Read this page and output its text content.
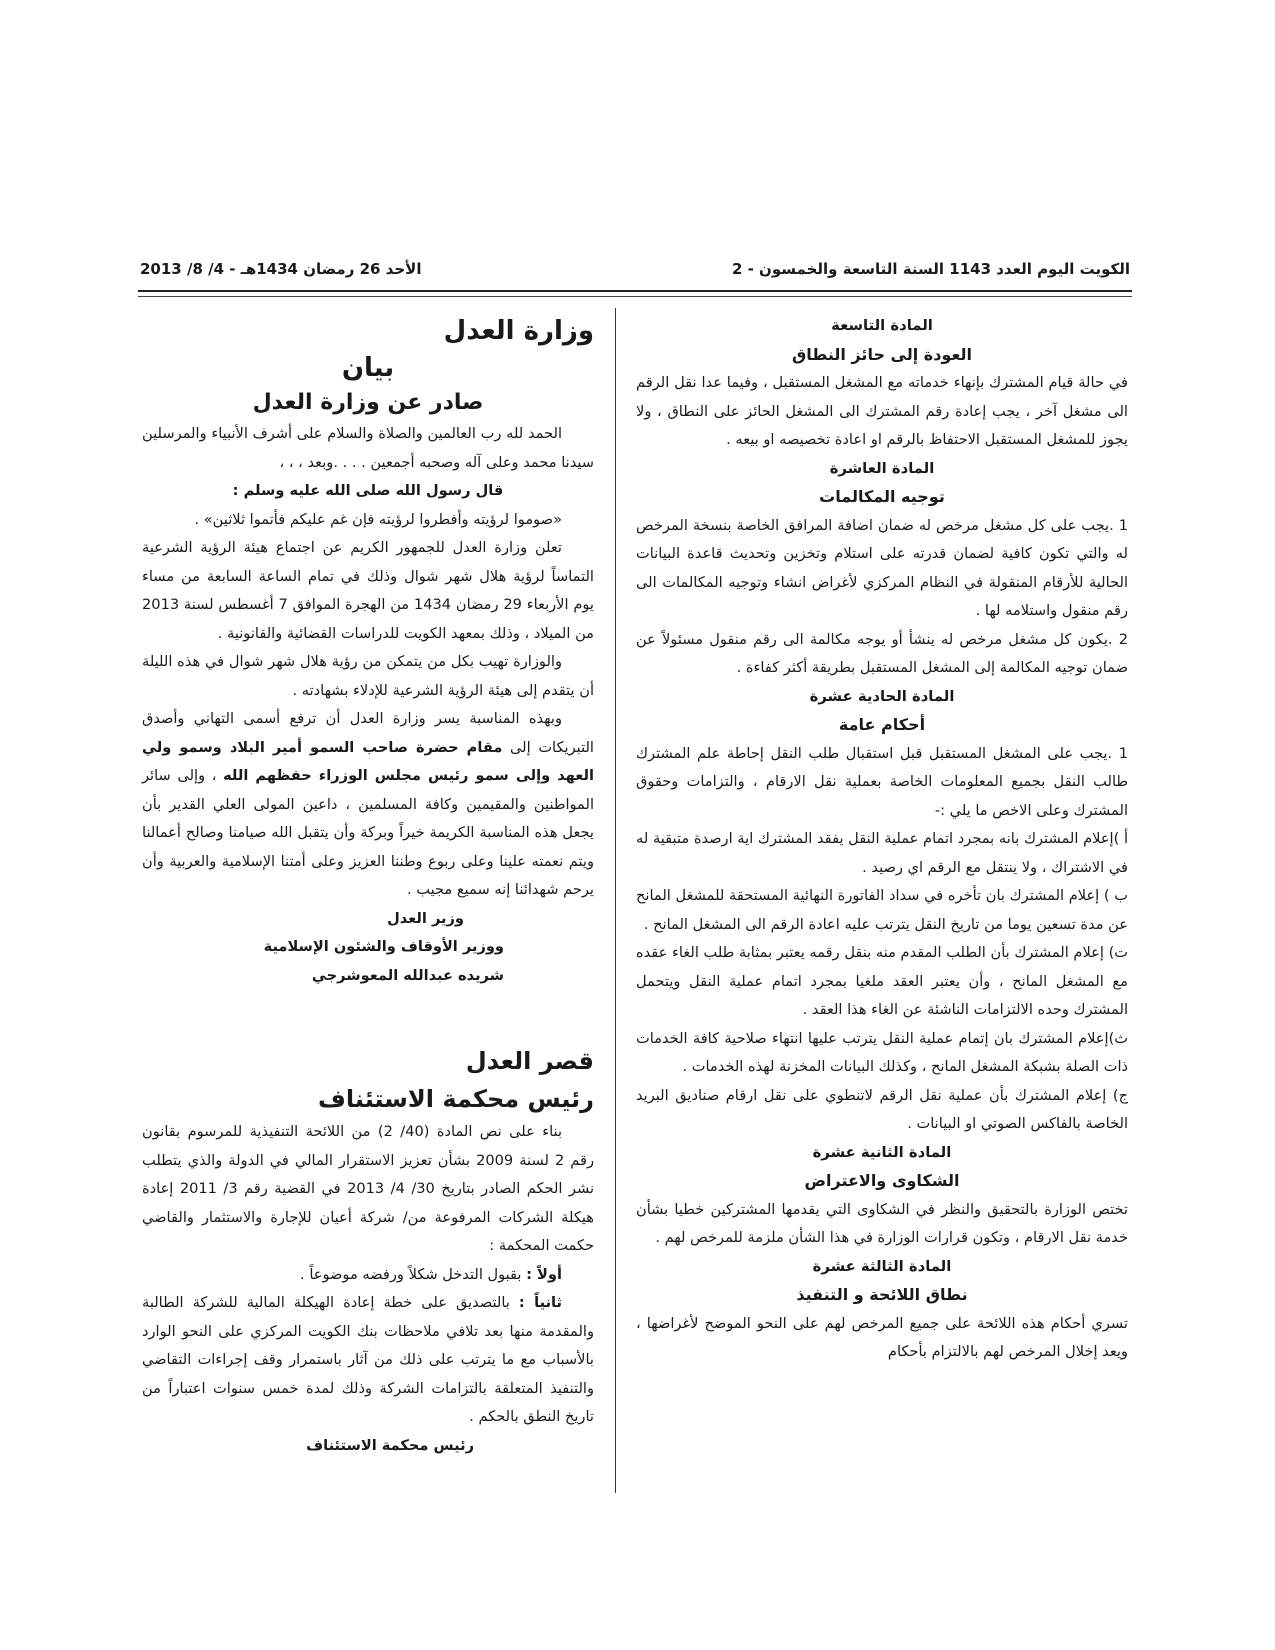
الكويت اليوم العدد 1143 السنة التاسعة والخمسون - 2
الأحد 26 رمضان 1434هـ - 4/ 8/ 2013

المادة التاسعة

العودة إلى حائز النطاق

في حالة قيام المشترك بإنهاء خدماته مع المشغل المستقبل ، وفيما عدا نقل الرقم الى مشغل آخر ، يجب إعادة رقم المشترك الى المشغل الحائز على النطاق ، ولا يجوز للمشغل المستقبل الاحتفاظ بالرقم او اعادة تخصيصه او بيعه .

المادة العاشرة

توجيه المكالمات

1 .يجب على كل مشغل مرخص له ضمان اضافة المرافق الخاصة بنسخة المرخص له والتي تكون كافية لضمان قدرته على استلام وتخزين وتحديث قاعدة البيانات الحالية للأرقام المنقولة في النظام المركزي لأغراض انشاء وتوجيه المكالمات الى رقم منقول واستلامه لها .

2 .يكون كل مشغل مرخص له ينشأ أو يوجه مكالمة الى رقم منقول مسئولاً عن ضمان توجيه المكالمة إلى المشغل المستقبل بطريقة أكثر كفاءة .

المادة الحادية عشرة

أحكام عامة

1 .يجب على المشغل المستقبل قبل استقبال طلب النقل إحاطة علم المشترك طالب النقل بجميع المعلومات الخاصة بعملية نقل الارقام ، والتزامات وحقوق المشترك وعلى الاخص ما يلي :-

أ )إعلام المشترك بانه بمجرد اتمام عملية النقل يفقد المشترك اية ارصدة متبقية له في الاشتراك ، ولا ينتقل مع الرقم اي رصيد .

ب ) إعلام المشترك بان تأخره في سداد الفاتورة النهائية المستحقة للمشغل المانح عن مدة تسعين يوما من تاريخ النقل يترتب عليه اعادة الرقم الى المشغل المانح .

ت) إعلام المشترك بأن الطلب المقدم منه بنقل رقمه يعتبر بمثابة طلب الغاء عقده مع المشغل المانح ، وأن يعتبر العقد ملغيا بمجرد اتمام عملية النقل ويتحمل المشترك وحده الالتزامات الناشئة عن الغاء هذا العقد .

ث)إعلام المشترك بان إتمام عملية النقل يترتب عليها انتهاء صلاحية كافة الخدمات ذات الصلة بشبكة المشغل المانح ، وكذلك البيانات المخزنة لهذه الخدمات .

ج) إعلام المشترك بأن عملية نقل الرقم لاتنطوي على نقل ارقام صناديق البريد الخاصة بالفاكس الصوتي او البيانات .

المادة الثانية عشرة

الشكاوى والاعتراض

تختص الوزارة بالتحقيق والنظر في الشكاوى التي يقدمها المشتركين خطيا بشأن خدمة نقل الارقام ، وتكون قرارات الوزارة في هذا الشأن ملزمة للمرخص لهم .

المادة الثالثة عشرة

نطاق اللائحة و التنفيذ

تسري أحكام هذه اللائحة على جميع المرخص لهم على النحو الموضح لأغراضها ، ويعد إخلال المرخص لهم بالالتزام بأحكام

وزارة العدل

بيان

صادر عن وزارة العدل

الحمد لله رب العالمين والصلاة والسلام على أشرف الأنبياء والمرسلين سيدنا محمد وعلى آله وصحبه أجمعين . . . .وبعد ، ، ،

قال رسول الله صلى الله عليه وسلم :

«صوموا لرؤيته وأفطروا لرؤيته فإن غم عليكم فأتموا ثلاثين» .

تعلن وزارة العدل للجمهور الكريم عن اجتماع هيئة الرؤية الشرعية التماساً لرؤية هلال شهر شوال وذلك في تمام الساعة السابعة من مساء يوم الأربعاء 29 رمضان 1434 من الهجرة الموافق 7 أغسطس لسنة 2013 من الميلاد ، وذلك بمعهد الكويت للدراسات القضائية والقانونية .

والوزارة تهيب بكل من يتمكن من رؤية هلال شهر شوال في هذه الليلة أن يتقدم إلى هيئة الرؤية الشرعية للإدلاء بشهادته .

وبهذه المناسبة يسر وزارة العدل أن ترفع أسمى التهاني وأصدق التبريكات إلى مقام حضرة صاحب السمو أمير البلاد وسمو ولي العهد وإلى سمو رئيس مجلس الوزراء حفظهم الله ، وإلى سائر المواطنين والمقيمين وكافة المسلمين ، داعين المولى العلي القدير بأن يجعل هذه المناسبة الكريمة خيراً وبركة وأن يتقبل الله صيامنا وصالح أعمالنا ويتم نعمته علينا وعلى ربوع وطننا العزيز وعلى أمتنا الإسلامية والعربية وأن يرحم شهدائنا إنه سميع مجيب .

وزير العدل

ووزير الأوقاف والشئون الإسلامية

شريده عبدالله المعوشرجي

قصر العدل

رئيس محكمة الاستئناف

بناء على نص المادة (40/ 2) من اللائحة التنفيذية للمرسوم بقانون رقم 2 لسنة 2009 بشأن تعزيز الاستقرار المالي في الدولة والذي يتطلب نشر الحكم الصادر بتاريخ 30/ 4/ 2013 في القضية رقم 3/ 2011 إعادة هيكلة الشركات المرفوعة من/ شركة أعيان للإجارة والاستثمار والقاضي حكمت المحكمة :

أولاً : بقبول التدخل شكلاً ورفضه موضوعاً .

ثانياً : بالتصديق على خطة إعادة الهيكلة المالية للشركة الطالبة والمقدمة منها بعد تلافي ملاحظات بنك الكويت المركزي على النحو الوارد بالأسباب مع ما يترتب على ذلك من آثار باستمرار وقف إجراءات التقاضي والتنفيذ المتعلقة بالتزامات الشركة وذلك لمدة خمس سنوات اعتباراً من تاريخ النطق بالحكم .

رئيس محكمة الاستئناف
